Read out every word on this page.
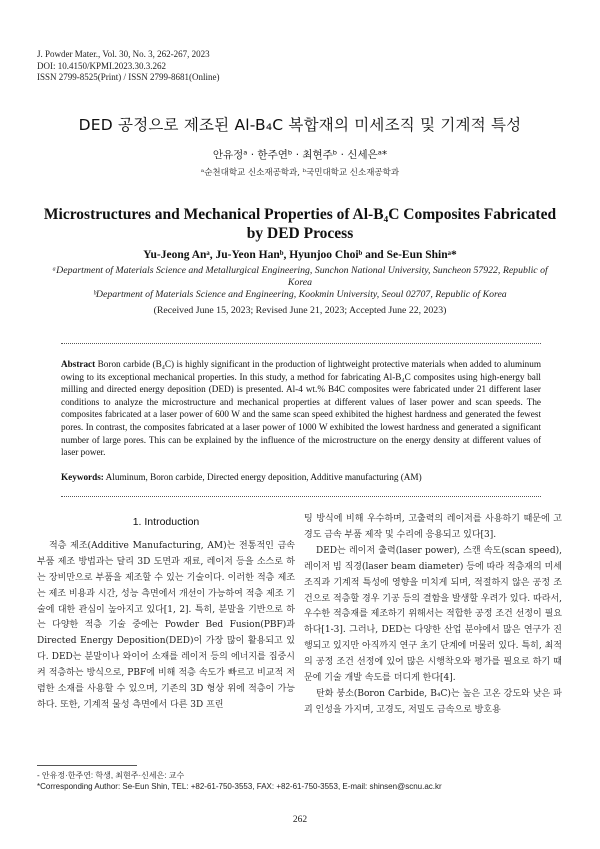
J. Powder Mater., Vol. 30, No. 3, 262-267, 2023
DOI: 10.4150/KPMI.2023.30.3.262
ISSN 2799-8525(Print) / ISSN 2799-8681(Online)
DED 공정으로 제조된 Al-B₄C 복합재의 미세조직 및 기계적 특성
안유정ᵃ · 한주연ᵇ · 최현주ᵇ · 신세은ᵃ*
ᵃ순천대학교 신소재공학과, ᵇ국민대학교 신소재공학과
Microstructures and Mechanical Properties of Al-B₄C Composites Fabricated by DED Process
Yu-Jeong Anᵃ, Ju-Yeon Hanᵇ, Hyunjoo Choiᵇ and Se-Eun Shinᵃ*
ᵃDepartment of Materials Science and Metallurgical Engineering, Sunchon National University, Suncheon 57922, Republic of Korea
ᵇDepartment of Materials Science and Engineering, Kookmin University, Seoul 02707, Republic of Korea
(Received June 15, 2023; Revised June 21, 2023; Accepted June 22, 2023)
Abstract Boron carbide (B₄C) is highly significant in the production of lightweight protective materials when added to aluminum owing to its exceptional mechanical properties. In this study, a method for fabricating Al-B₄C composites using high-energy ball milling and directed energy deposition (DED) is presented. Al-4 wt.% B4C composites were fabricated under 21 different laser conditions to analyze the microstructure and mechanical properties at different values of laser power and scan speeds. The composites fabricated at a laser power of 600 W and the same scan speed exhibited the highest hardness and generated the fewest pores. In contrast, the composites fabricated at a laser power of 1000 W exhibited the lowest hardness and generated a significant number of large pores. This can be explained by the influence of the microstructure on the energy density at different values of laser power.
Keywords: Aluminum, Boron carbide, Directed energy deposition, Additive manufacturing (AM)
1. Introduction

적층 제조(Additive Manufacturing, AM)는 전통적인 금속 부품 제조 방법과는 달리 3D 도면과 재료, 레이저 등을 소스로 하는 장비만으로 부품을 제조할 수 있는 기술이다. 이러한 적층 제조는 제조 비용과 시간, 성능 측면에서 개선이 가능하여 적층 제조 기술에 대한 관심이 높아지고 있다[1, 2]. 특히, 분말을 기반으로 하는 다양한 적층 기술 중에는 Powder Bed Fusion(PBF)과 Directed Energy Deposition(DED)이 가장 많이 활용되고 있다. DED는 분말이나 와이어 소재를 레이저 등의 에너지를 집중시켜 적층하는 방식으로, PBF에 비해 적층 속도가 빠르고 비교적 저렴한 소재를 사용할 수 있으며, 기존의 3D 형상 위에 적층이 가능하다. 또한, 기계적 물성 측면에서 다른 3D 프린

팅 방식에 비해 우수하며, 고출력의 레이저를 사용하기 때문에 고경도 금속 부품 제작 및 수리에 응용되고 있다[3].

DED는 레이저 출력(laser power), 스캔 속도(scan speed), 레이저 빔 직경(laser beam diameter) 등에 따라 적층재의 미세조직과 기계적 특성에 영향을 미치게 되며, 적절하지 않은 공정 조건으로 적층할 경우 기공 등의 결함을 발생할 우려가 있다. 따라서, 우수한 적층재를 제조하기 위해서는 적합한 공정 조건 선정이 필요하다[1-3]. 그러나, DED는 다양한 산업 분야에서 많은 연구가 진행되고 있지만 아직까지 연구 초기 단계에 머물러 있다. 특히, 최적의 공정 조건 선정에 있어 많은 시행착오와 평가를 필요로 하기 때문에 기술 개발 속도를 더디게 한다[4].

탄화 붕소(Boron Carbide, B₄C)는 높은 고온 강도와 낮은 파괴 인성을 가지며, 고경도, 저밀도 금속으로 방호용

- 안유정·한주연: 학생, 최현주·신세은: 교수
*Corresponding Author: Se-Eun Shin, TEL: +82-61-750-3553, FAX: +82-61-750-3553, E-mail: shinsen@scnu.ac.kr
262
